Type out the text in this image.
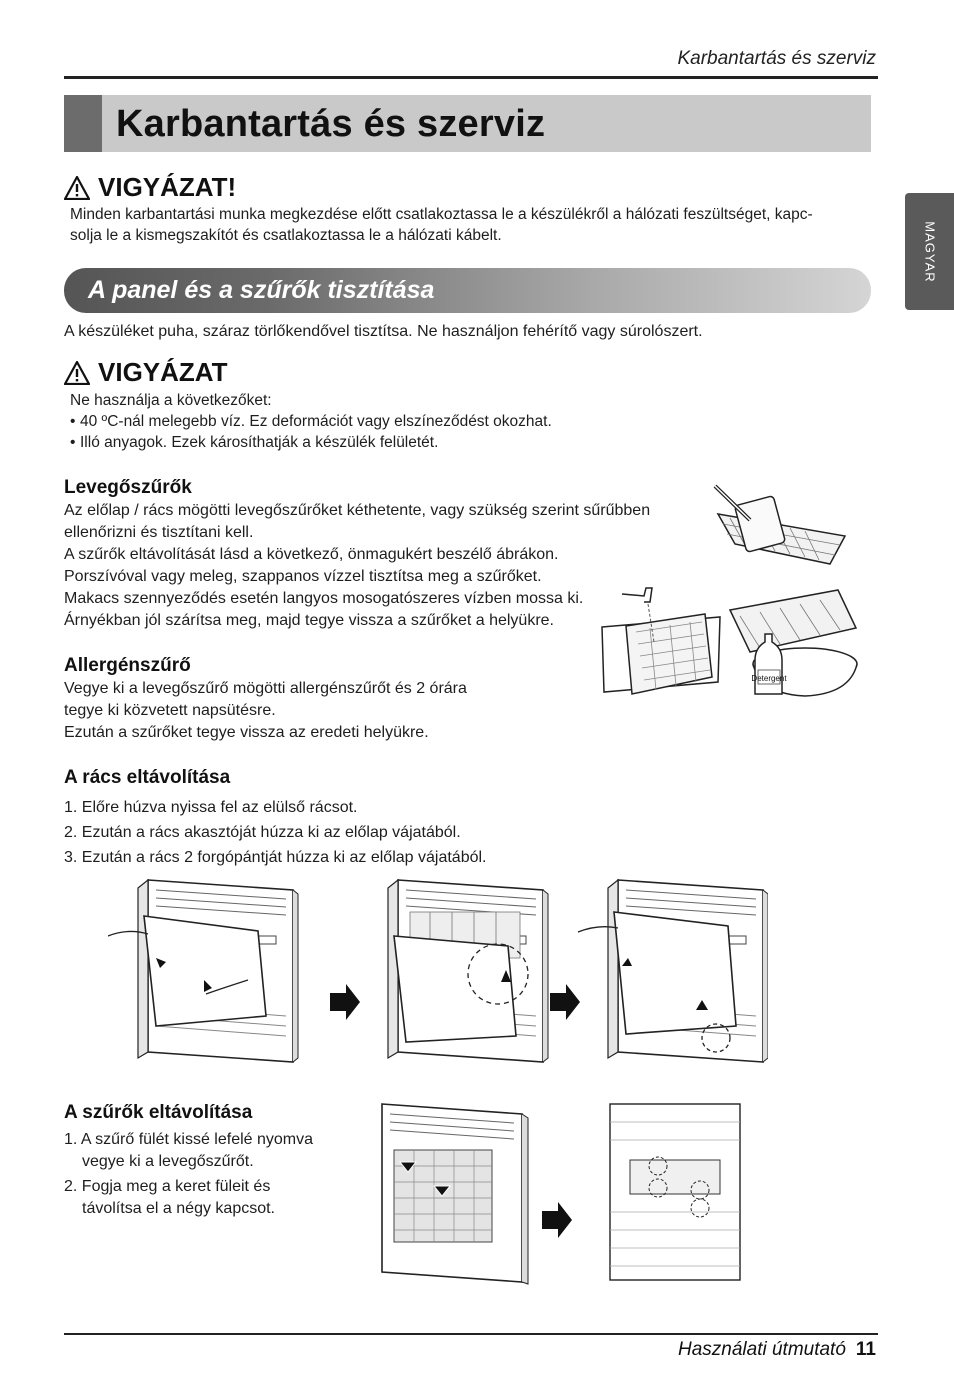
Karbantartás és szerviz
MAGYAR
Karbantartás és szerviz
VIGYÁZAT!
Minden karbantartási munka megkezdése előtt csatlakoztassa le a készülékről a hálózati feszültséget, kapc-
solja le a kismegszakítót és csatlakoztassa le a hálózati kábelt.
A panel és a szűrők tisztítása
A készüléket puha, száraz törlőkendővel tisztítsa. Ne használjon fehérítő vagy súrolószert.
VIGYÁZAT
Ne használja a következőket:
• 40 ºC-nál melegebb víz. Ez deformációt vagy elszíneződést okozhat.
• Illó anyagok. Ezek károsíthatják a készülék felületét.
Levegőszűrők
Az előlap / rács mögötti levegőszűrőket kéthetente, vagy szükség szerint sűrűbben
ellenőrizni és tisztítani kell.
A szűrők eltávolítását lásd a következő, önmagukért beszélő ábrákon.
Porszívóval vagy meleg, szappanos vízzel tisztítsa meg a szűrőket.
Makacs szennyeződés esetén langyos mosogatószeres vízben mossa ki.
Árnyékban jól szárítsa meg, majd tegye vissza a szűrőket a helyükre.
Detergent
Allergénszűrő
Vegye ki a levegőszűrő mögötti allergénszűrőt és 2 órára
tegye ki közvetett napsütésre.
Ezután a szűrőket tegye vissza az eredeti helyükre.
A rács eltávolítása
1. Előre húzva nyissa fel az elülső rácsot.
2. Ezután a rács akasztóját húzza ki az előlap vájatából.
3. Ezután a rács 2 forgópántját húzza ki az előlap vájatából.
A szűrők eltávolítása
1. A szűrő fülét kissé lefelé nyomva
vegye ki a levegőszűrőt.
2. Fogja meg a keret füleit és
távolítsa el a négy kapcsot.
Használati útmutató 11
